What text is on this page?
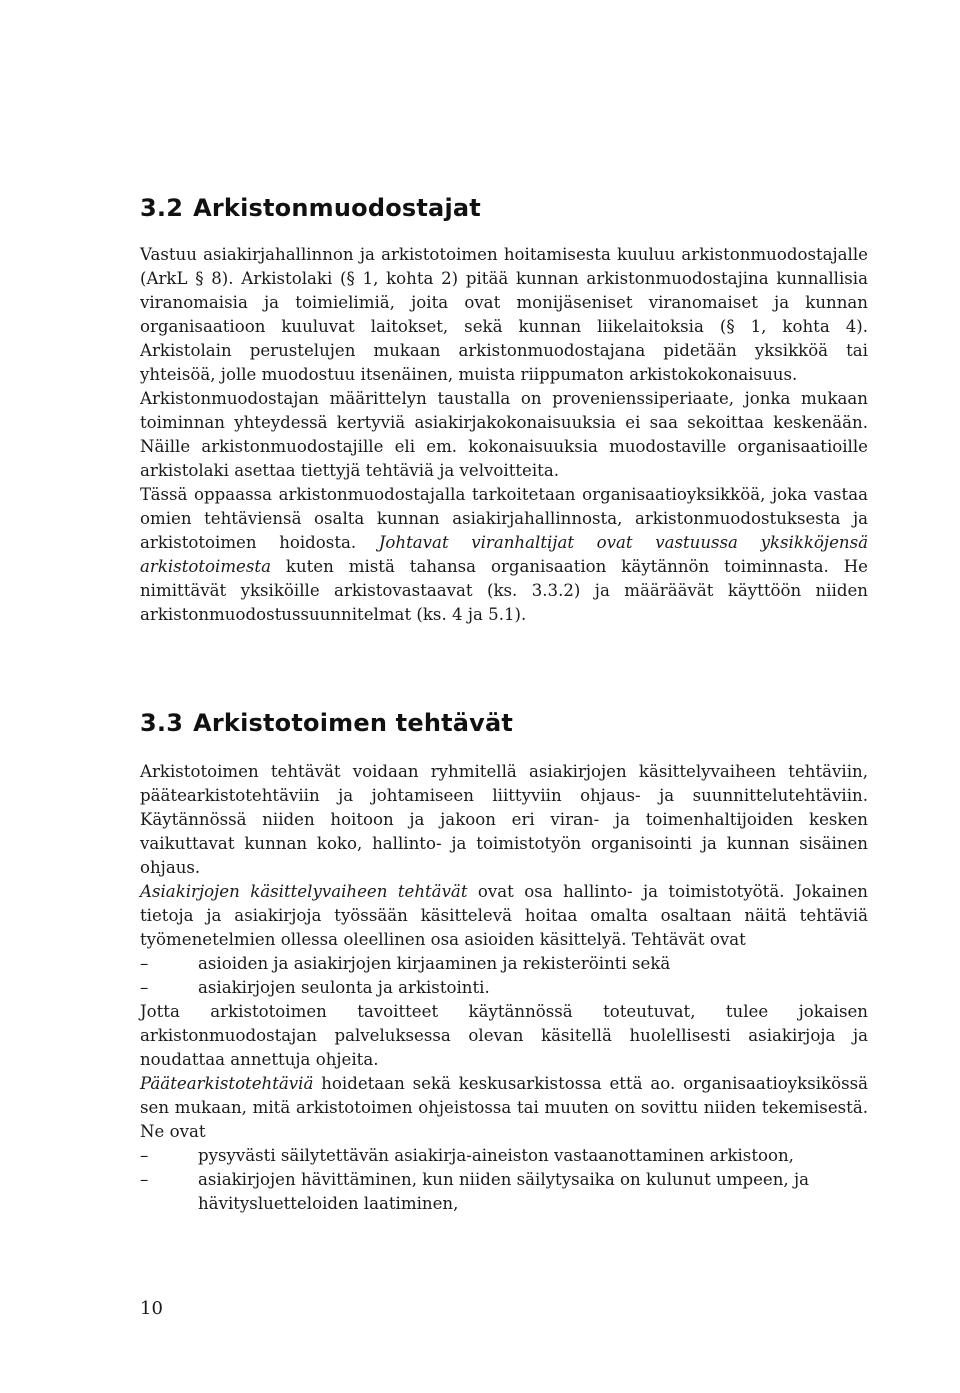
3.2 Arkistonmuodostajat

Vastuu asiakirjahallinnon ja arkistotoimen hoitamisesta kuuluu arkistonmuodostajalle (ArkL § 8). Arkistolaki (§ 1, kohta 2) pitää kunnan arkistonmuodostajina kunnallisia viranomaisia ja toimielimiä, joita ovat monijäseniset viranomaiset ja kunnan organisaatioon kuuluvat laitokset, sekä kunnan liikelaitoksia (§ 1, kohta 4). Arkistolain perustelujen mukaan arkistonmuodostajana pidetään yksikköä tai yhteisöä, jolle muodostuu itsenäinen, muista riippumaton arkistokokonaisuus.

Arkistonmuodostajan määrittelyn taustalla on provenienssiperiaate, jonka mukaan toiminnan yhteydessä kertyviä asiakirjakokonaisuuksia ei saa sekoittaa keskenään. Näille arkistonmuodostajille eli em. kokonaisuuksia muodostaville organisaatioille arkistolaki asettaa tiettyjä tehtäviä ja velvoitteita.

Tässä oppaassa arkistonmuodostajalla tarkoitetaan organisaatioyksikköä, joka vastaa omien tehtäviensä osalta kunnan asiakirjahallinnosta, arkistonmuodostuksesta ja arkistotoimen hoidosta. Johtavat viranhaltijat ovat vastuussa yksikköjensä arkistotoimesta kuten mistä tahansa organisaation käytännön toiminnasta. He nimittävät yksiköille arkistovastaavat (ks. 3.3.2) ja määräävät käyttöön niiden arkistonmuodostussuunnitelmat (ks. 4 ja 5.1).

3.3 Arkistotoimen tehtävät

Arkistotoimen tehtävät voidaan ryhmitellä asiakirjojen käsittelyvaiheen tehtäviin, päätearkistotehtäviin ja johtamiseen liittyviin ohjaus- ja suunnittelutehtäviin. Käytännössä niiden hoitoon ja jakoon eri viran- ja toimenhaltijoiden kesken vaikuttavat kunnan koko, hallinto- ja toimistotyön organisointi ja kunnan sisäinen ohjaus.

Asiakirjojen käsittelyvaiheen tehtävät ovat osa hallinto- ja toimistotyötä. Jokainen tietoja ja asiakirjoja työssään käsittelevä hoitaa omalta osaltaan näitä tehtäviä työmenetelmien ollessa oleellinen osa asioiden käsittelyä. Tehtävät ovat

–	asioiden ja asiakirjojen kirjaaminen ja rekisteröinti sekä
–	asiakirjojen seulonta ja arkistointi.

Jotta arkistotoimen tavoitteet käytännössä toteutuvat, tulee jokaisen arkistonmuodostajan palveluksessa olevan käsitellä huolellisesti asiakirjoja ja noudattaa annettuja ohjeita.

Päätearkistotehtäviä hoidetaan sekä keskusarkistossa että ao. organisaatioyksikössä sen mukaan, mitä arkistotoimen ohjeistossa tai muuten on sovittu niiden tekemisestä. Ne ovat

–	pysyvästi säilytettävän asiakirja-aineiston vastaanottaminen arkistoon,
–	asiakirjojen hävittäminen, kun niiden säilytysaika on kulunut umpeen, ja hävitysluetteloiden laatiminen,
10
